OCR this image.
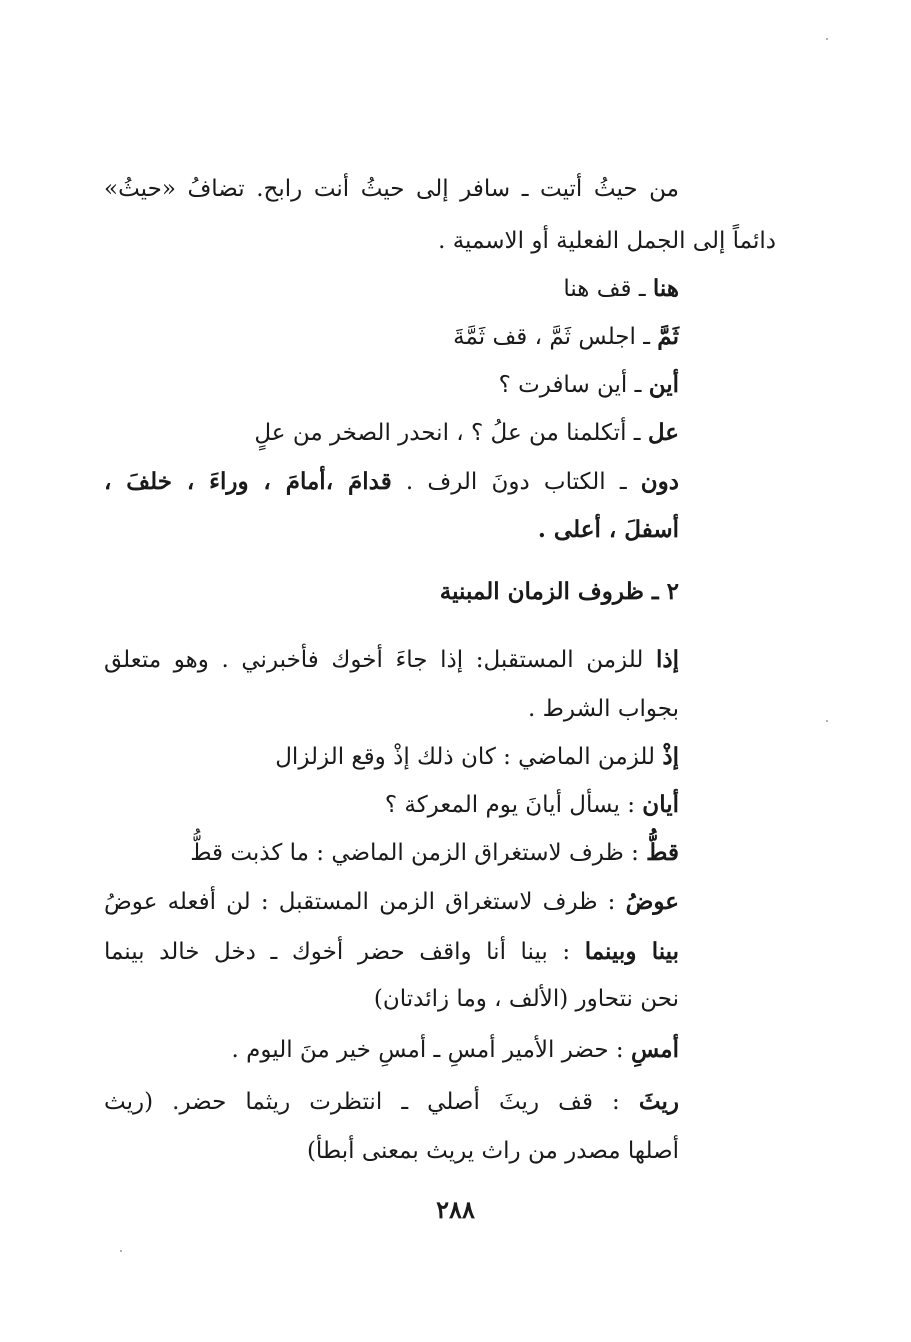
من حيثُ أتيت ـ سافر إلى حيثُ أنت رابح. تضافُ «حيثُ»
دائماً إلى الجمل الفعلية أو الاسمية .
هنا ـ قف هنا
ثَمَّ ـ اجلس ثَمَّ ، قف ثَمَّةَ
أين ـ أين سافرت ؟
عل ـ أتكلمنا من علُ ؟ ، انحدر الصخر من علٍ
دون ـ الكتاب دونَ الرف . قدامَ ،أمامَ ، وراءَ ، خلفَ ،
أسفلَ ، أعلى .
٢ ـ ظروف الزمان المبنية
إذا للزمن المستقبل: إذا جاءَ أخوك فأخبرني . وهو متعلق
بجواب الشرط .
إذْ للزمن الماضي : كان ذلك إذْ وقع الزلزال
أيان : يسأل أيانَ يوم المعركة ؟
قطُّ : ظرف لاستغراق الزمن الماضي : ما كذبت قطُّ
عوضُ : ظرف لاستغراق الزمن المستقبل : لن أفعله عوضُ
بينا وبينما : بينا أنا واقف حضر أخوك ـ دخل خالد بينما
نحن نتحاور (الألف ، وما زائدتان)
أمسِ : حضر الأمير أمسِ ـ أمسِ خير منَ اليوم .
ريثَ : قف ريثَ أصلي ـ انتظرت ريثما حضر. (ريث
أصلها مصدر من راث يريث بمعنى أبطأ)
٢٨٨
